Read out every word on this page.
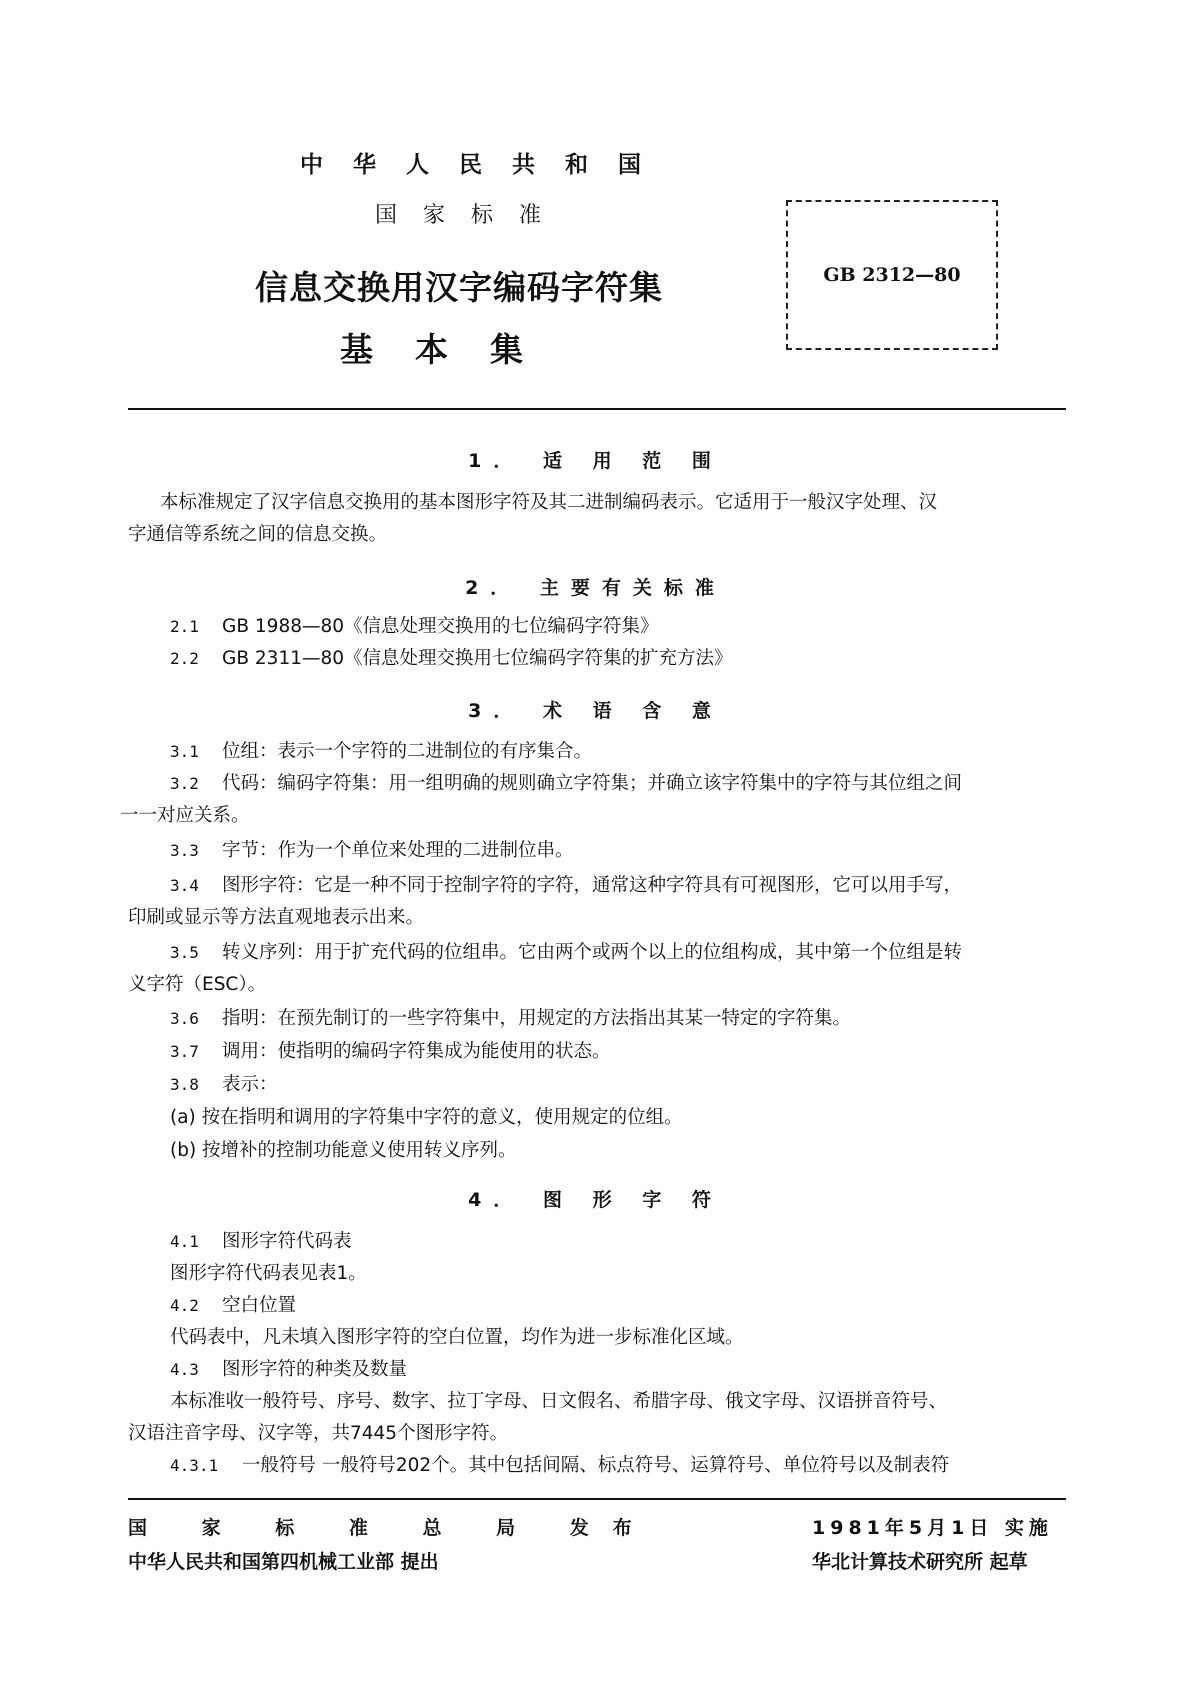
中华人民共和国
国家标准
信息交换用汉字编码字符集
基本集
GB 2312—80
1． 适 用 范 围
本标准规定了汉字信息交换用的基本图形字符及其二进制编码表示。它适用于一般汉字处理、汉
字通信等系统之间的信息交换。
2． 主要有关标准
2.1 GB 1988—80《信息处理交换用的七位编码字符集》
2.2 GB 2311—80《信息处理交换用七位编码字符集的扩充方法》
3． 术 语 含 意
3.1 位组：表示一个字符的二进制位的有序集合。
3.2 代码：编码字符集：用一组明确的规则确立字符集；并确立该字符集中的字符与其位组之间
一一对应关系。
3.3 字节：作为一个单位来处理的二进制位串。
3.4 图形字符：它是一种不同于控制字符的字符，通常这种字符具有可视图形，它可以用手写，
印刷或显示等方法直观地表示出来。
3.5 转义序列：用于扩充代码的位组串。它由两个或两个以上的位组构成，其中第一个位组是转
义字符（ESC）。
3.6 指明：在预先制订的一些字符集中，用规定的方法指出其某一特定的字符集。
3.7 调用：使指明的编码字符集成为能使用的状态。
3.8 表示：
(a) 按在指明和调用的字符集中字符的意义，使用规定的位组。
(b) 按增补的控制功能意义使用转义序列。
4． 图 形 字 符
4.1 图形字符代码表
图形字符代码表见表1。
4.2 空白位置
代码表中，凡未填入图形字符的空白位置，均作为进一步标准化区域。
4.3 图形字符的种类及数量
本标准收一般符号、序号、数字、拉丁字母、日文假名、希腊字母、俄文字母、汉语拼音符号、
汉语注音字母、汉字等，共7445个图形字符。
4.3.1 一般符号 一般符号202个。其中包括间隔、标点符号、运算符号、单位符号以及制表符
国 家 标 准 总 局 发布
中华人民共和国第四机械工业部 提出
1981年5月1日 实施
华北计算技术研究所 起草
